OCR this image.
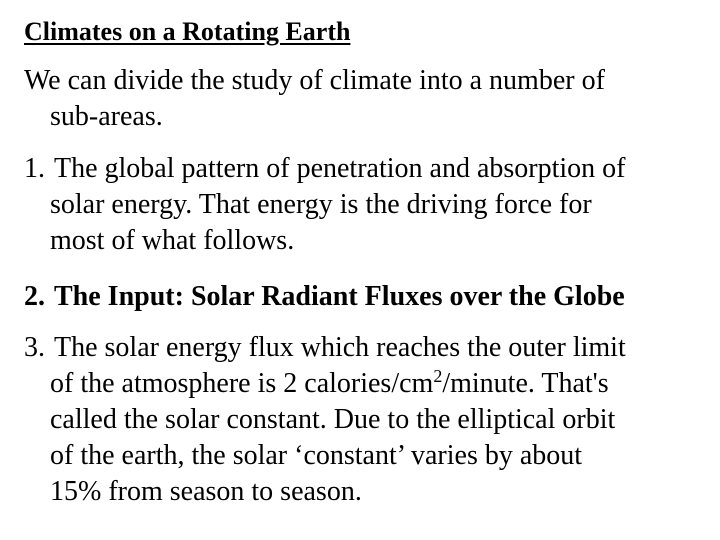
Climates on a Rotating Earth
We can divide the study of climate into a number of
sub-areas.
1. The global pattern of penetration and absorption of
solar energy. That energy is the driving force for
most of what follows.
2. The Input: Solar Radiant Fluxes over the Globe
3. The solar energy flux which reaches the outer limit
of the atmosphere is 2 calories/$cm^2$/minute. That's
called the solar constant. Due to the elliptical orbit
of the earth, the solar ‘constant’ varies by about
15% from season to season.
